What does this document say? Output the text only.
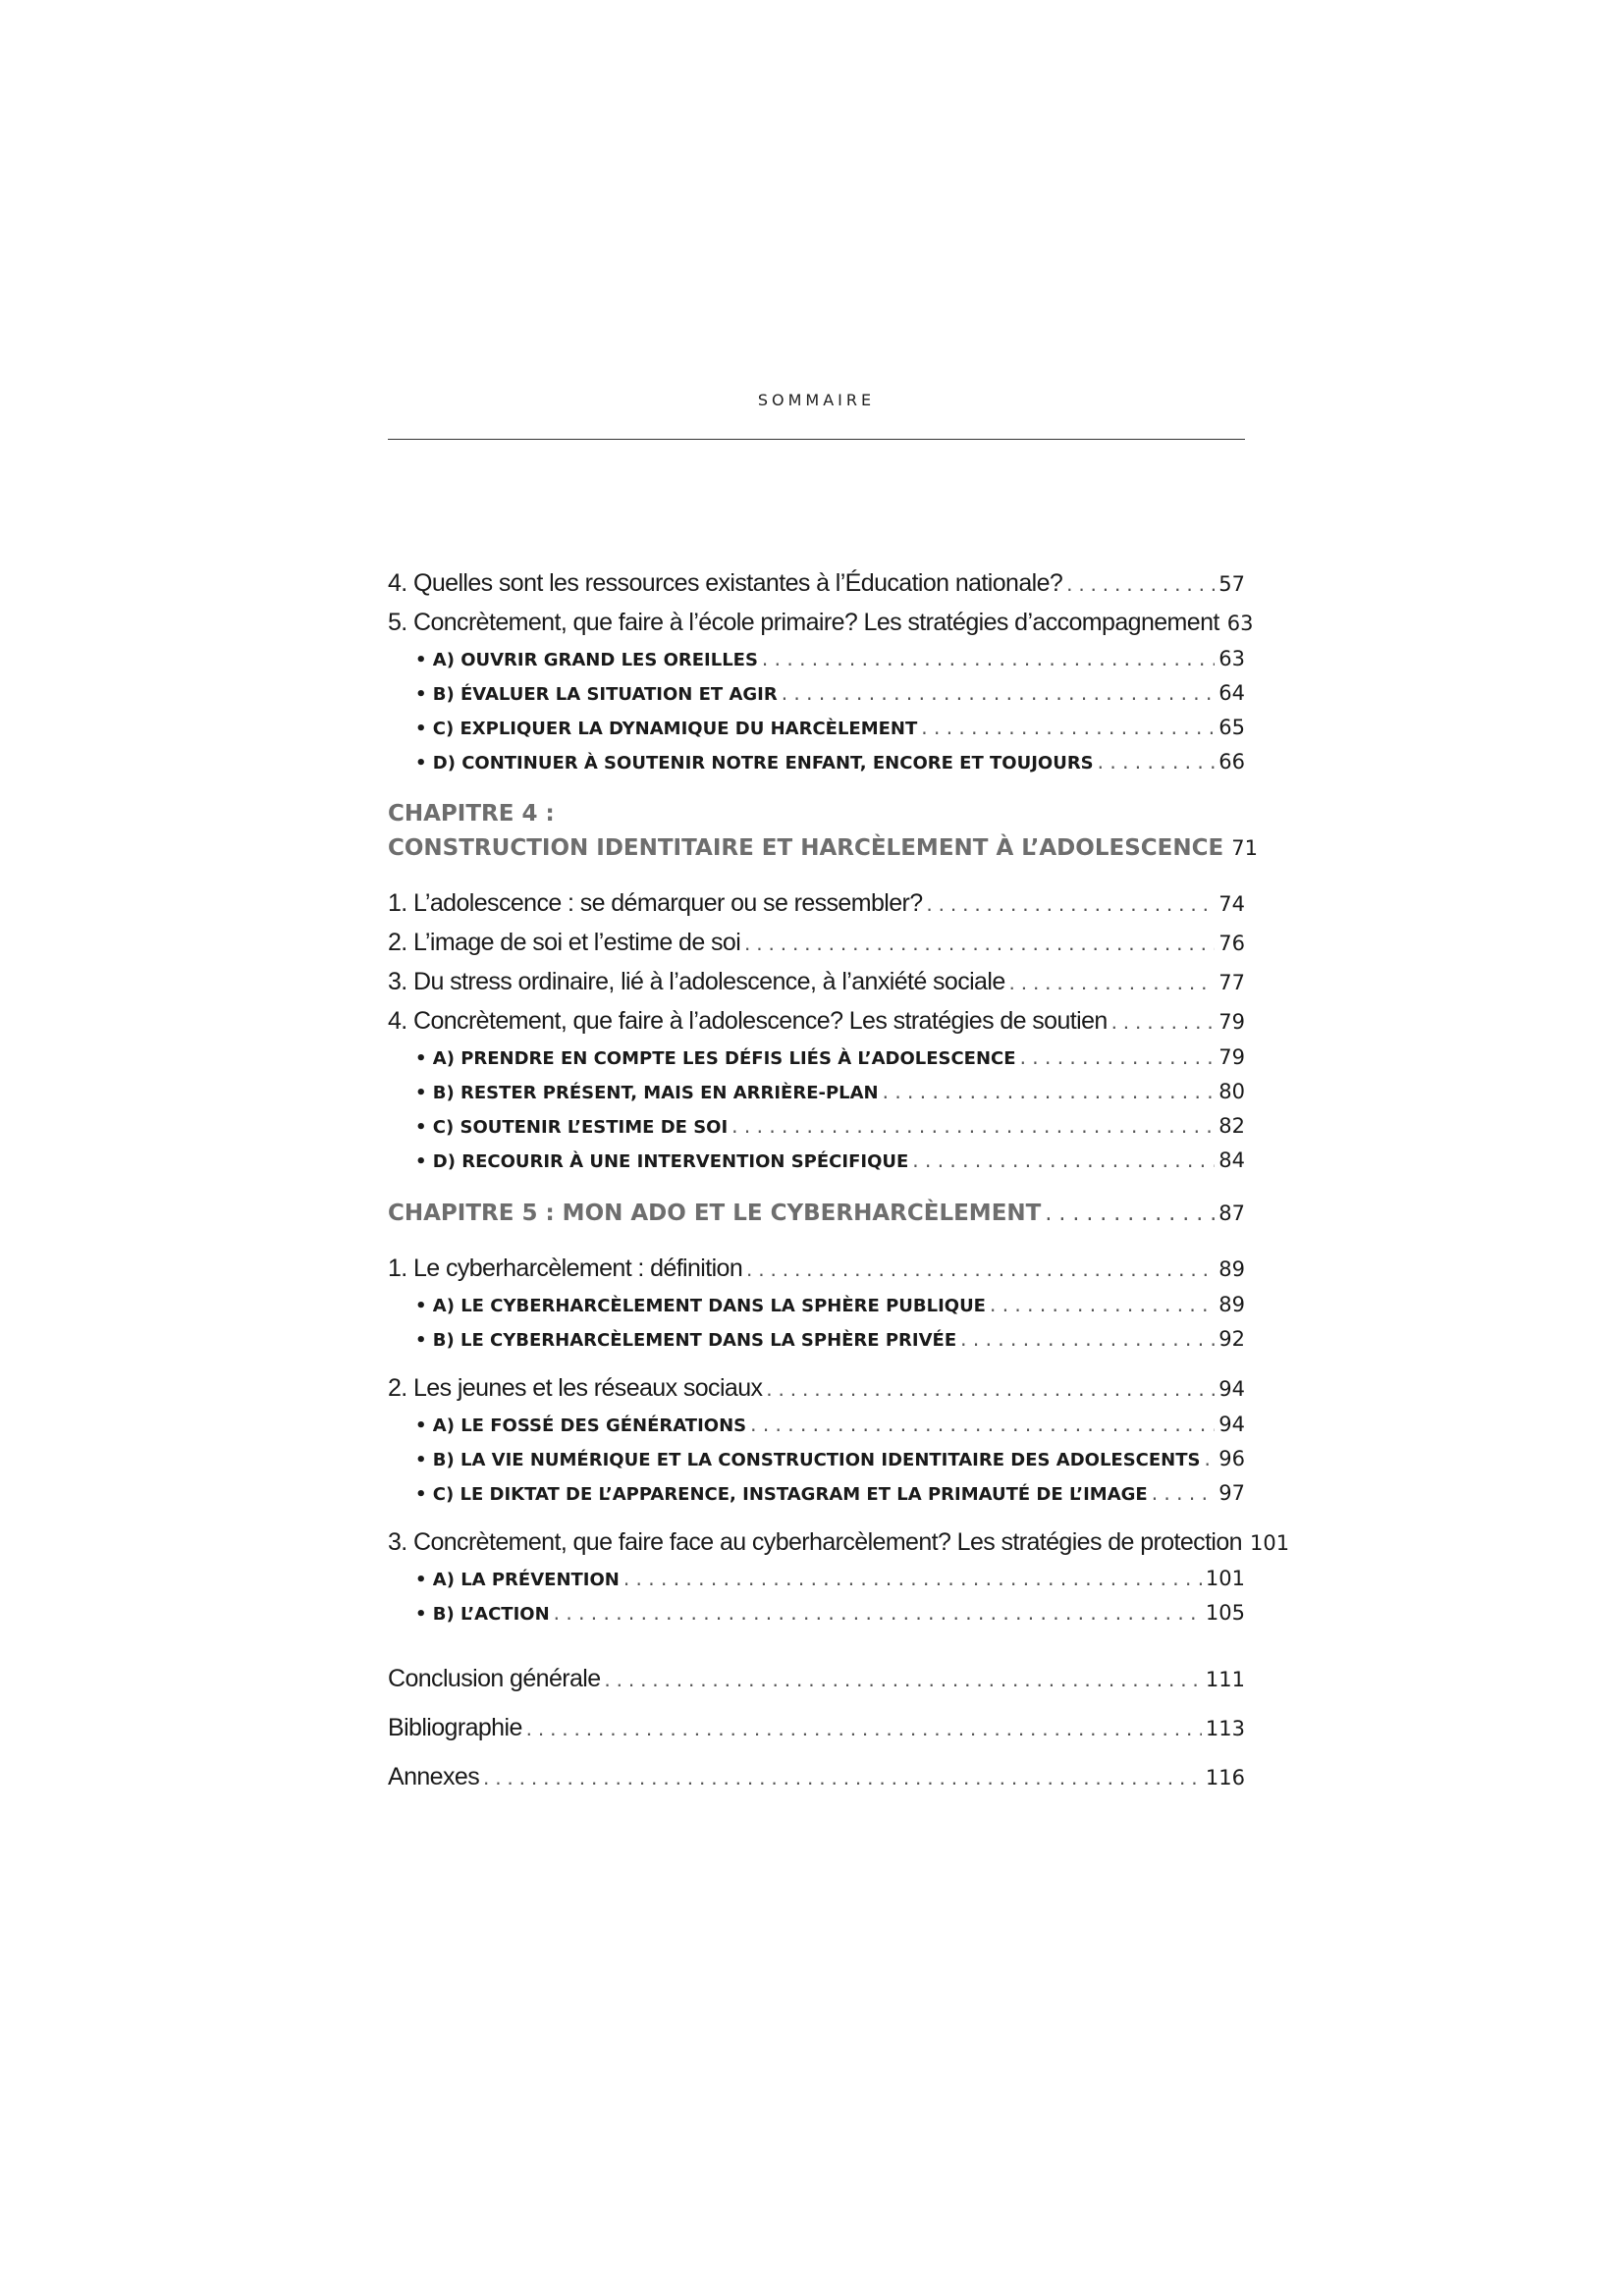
SOMMAIRE
4. Quelles sont les ressources existantes à l’Éducation nationale? . . .	57
5. Concrètement, que faire à l’école primaire? Les stratégies d’accompagnement 63
• A) OUVRIR GRAND LES OREILLES . . .	63
• B) ÉVALUER LA SITUATION ET AGIR . . .	64
• C) EXPLIQUER LA DYNAMIQUE DU HARCÈLEMENT . . .	65
• D) CONTINUER À SOUTENIR NOTRE ENFANT, ENCORE ET TOUJOURS . . .	66
CHAPITRE 4 :
CONSTRUCTION IDENTITAIRE ET HARCÈLEMENT À L’ADOLESCENCE 71
1. L’adolescence : se démarquer ou se ressembler? . . .	74
2. L’image de soi et l’estime de soi . . .	76
3. Du stress ordinaire, lié à l’adolescence, à l’anxiété sociale . . .	77
4. Concrètement, que faire à l’adolescence? Les stratégies de soutien . . .	79
• A) PRENDRE EN COMPTE LES DÉFIS LIÉS À L’ADOLESCENCE . . .	79
• B) RESTER PRÉSENT, MAIS EN ARRIÈRE-PLAN . . .	80
• C) SOUTENIR L’ESTIME DE SOI . . .	82
• D) RECOURIR À UNE INTERVENTION SPÉCIFIQUE . . .	84
CHAPITRE 5 : MON ADO ET LE CYBERHARCÈLEMENT . . .	87
1. Le cyberharcèlement : définition . . .	89
• A) LE CYBERHARCÈLEMENT DANS LA SPHÈRE PUBLIQUE . . .	89
• B) LE CYBERHARCÈLEMENT DANS LA SPHÈRE PRIVÉE . . .	92
2. Les jeunes et les réseaux sociaux . . .	94
• A) LE FOSSÉ DES GÉNÉRATIONS . . .	94
• B) LA VIE NUMÉRIQUE ET LA CONSTRUCTION IDENTITAIRE DES ADOLESCENTS . . . 96
• C) LE DIKTAT DE L’APPARENCE, INSTAGRAM ET LA PRIMAUTÉ DE L’IMAGE . . .	97
3. Concrètement, que faire face au cyberharcèlement? Les stratégies de protection 101
• A) LA PRÉVENTION . . .	101
• B) L’ACTION . . .	105
Conclusion générale . . .	111
Bibliographie . . .	113
Annexes . . .	116
